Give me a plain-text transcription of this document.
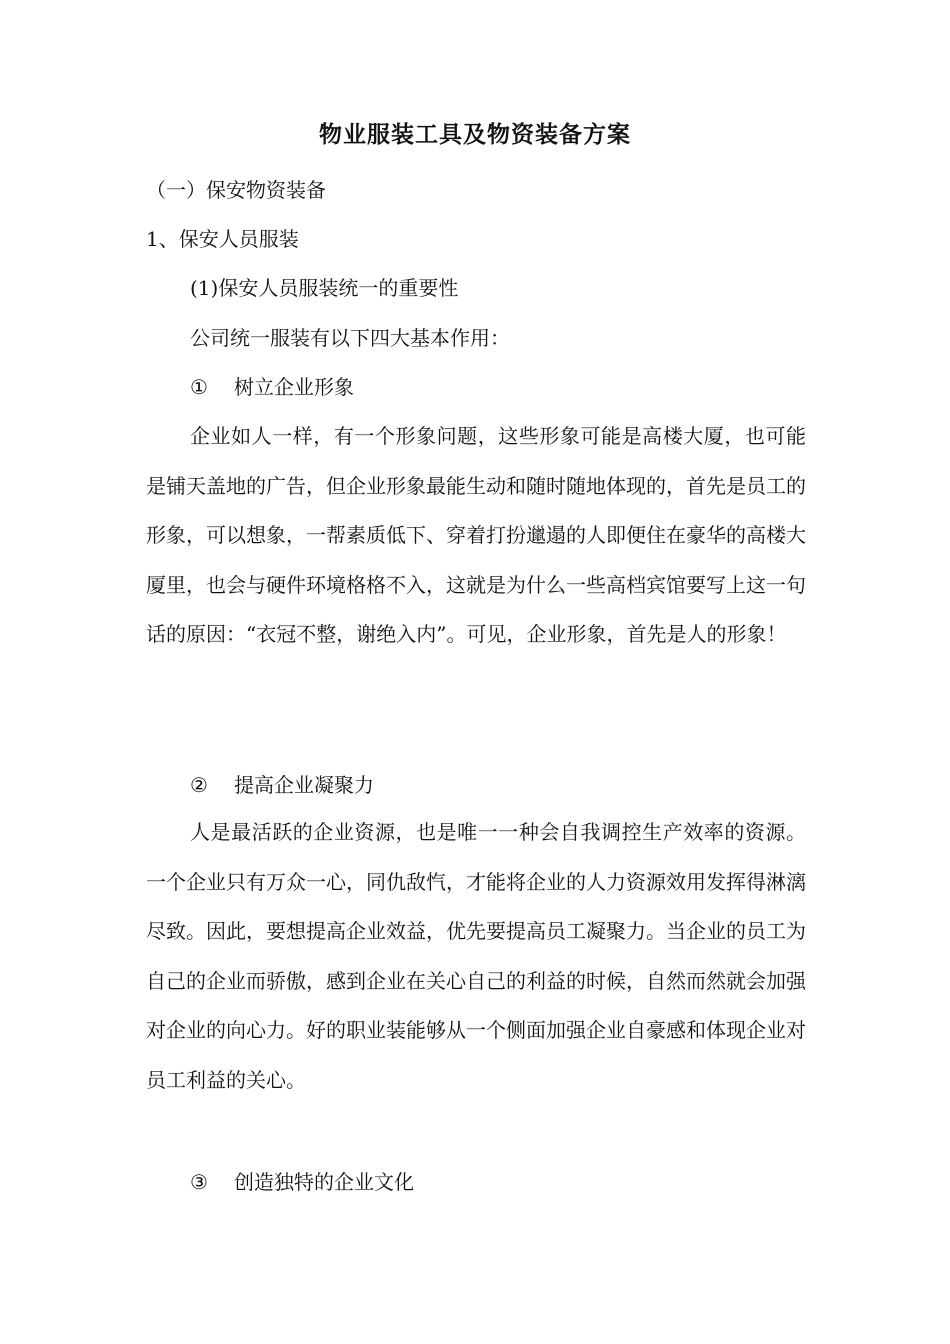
物业服装工具及物资装备方案
（一）保安物资装备
1、保安人员服装
(1)保安人员服装统一的重要性
公司统一服装有以下四大基本作用：
① 树立企业形象
企业如人一样，有一个形象问题，这些形象可能是高楼大厦，也可能是铺天盖地的广告，但企业形象最能生动和随时随地体现的，首先是员工的形象，可以想象，一帮素质低下、穿着打扮邋遢的人即便住在豪华的高楼大厦里，也会与硬件环境格格不入，这就是为什么一些高档宾馆要写上这一句话的原因：“衣冠不整，谢绝入内”。可见，企业形象，首先是人的形象！
② 提高企业凝聚力
人是最活跃的企业资源，也是唯一一种会自我调控生产效率的资源。一个企业只有万众一心，同仇敌忾，才能将企业的人力资源效用发挥得淋漓尽致。因此，要想提高企业效益，优先要提高员工凝聚力。当企业的员工为自己的企业而骄傲，感到企业在关心自己的利益的时候，自然而然就会加强对企业的向心力。好的职业装能够从一个侧面加强企业自豪感和体现企业对员工利益的关心。
③ 创造独特的企业文化
